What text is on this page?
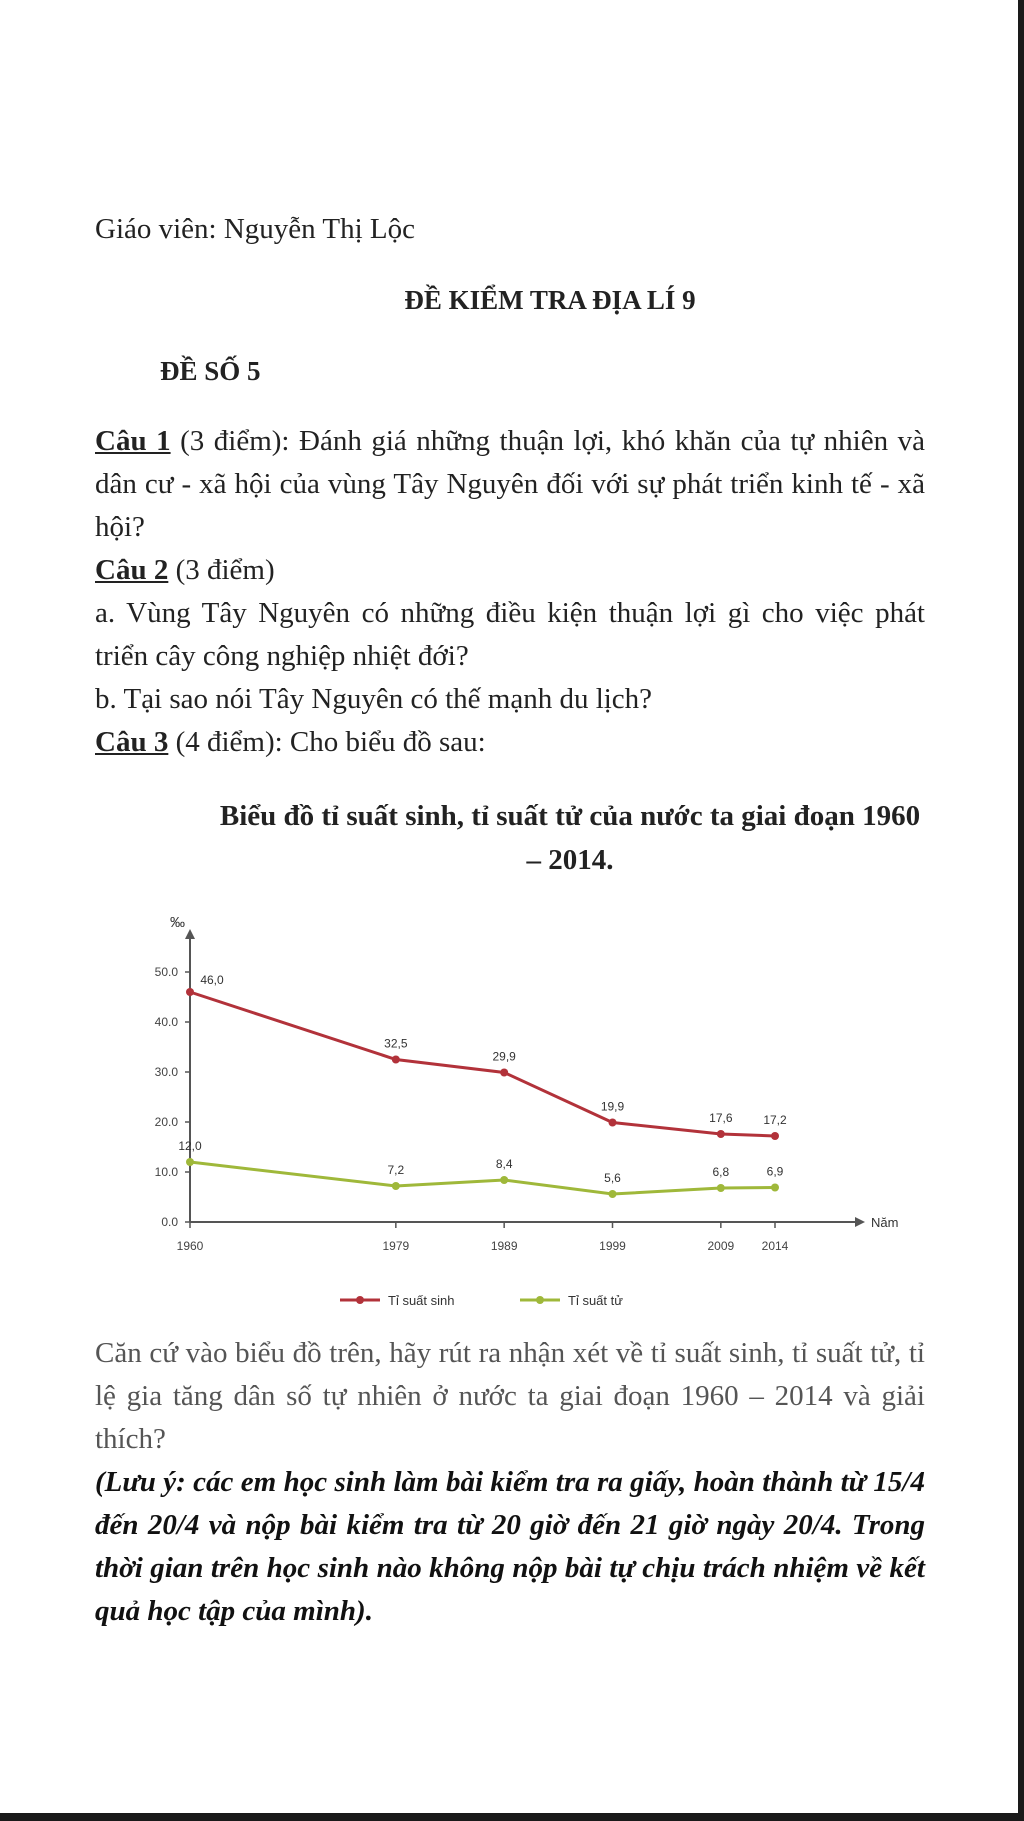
Giáo viên: Nguyễn Thị Lộc

ĐỀ KIỂM TRA ĐỊA LÍ 9

ĐỀ SỐ 5

Câu 1 (3 điểm): Đánh giá những thuận lợi, khó khăn của tự nhiên và dân cư - xã hội của vùng Tây Nguyên đối với sự phát triển kinh tế - xã hội?

Câu 2 (3 điểm)

a. Vùng Tây Nguyên có những điều kiện thuận lợi gì cho việc phát triển cây công nghiệp nhiệt đới?

b. Tại sao nói Tây Nguyên có thế mạnh du lịch?

Câu 3 (4 điểm): Cho biểu đồ sau:

Biểu đồ tỉ suất sinh, tỉ suất tử của nước ta giai đoạn 1960 – 2014.

‰
Năm
0.0
10.0
20.0
30.0
40.0
50.0
1960	1979	1989	1999	2009 2014
46,0
32,5
29,9
19,9
17,6	17,2
12,0
7,2	8,4
5,6	6,8	6,9
Tỉ suất sinh	Tỉ suất tử

Căn cứ vào biểu đồ trên, hãy rút ra nhận xét về tỉ suất sinh, tỉ suất tử, tỉ lệ gia tăng dân số tự nhiên ở nước ta giai đoạn 1960 – 2014 và giải thích?

(Lưu ý: các em học sinh làm bài kiểm tra ra giấy, hoàn thành từ 15/4 đến 20/4 và nộp bài kiểm tra từ 20 giờ đến 21 giờ ngày 20/4. Trong thời gian trên học sinh nào không nộp bài tự chịu trách nhiệm về kết quả học tập của mình).
